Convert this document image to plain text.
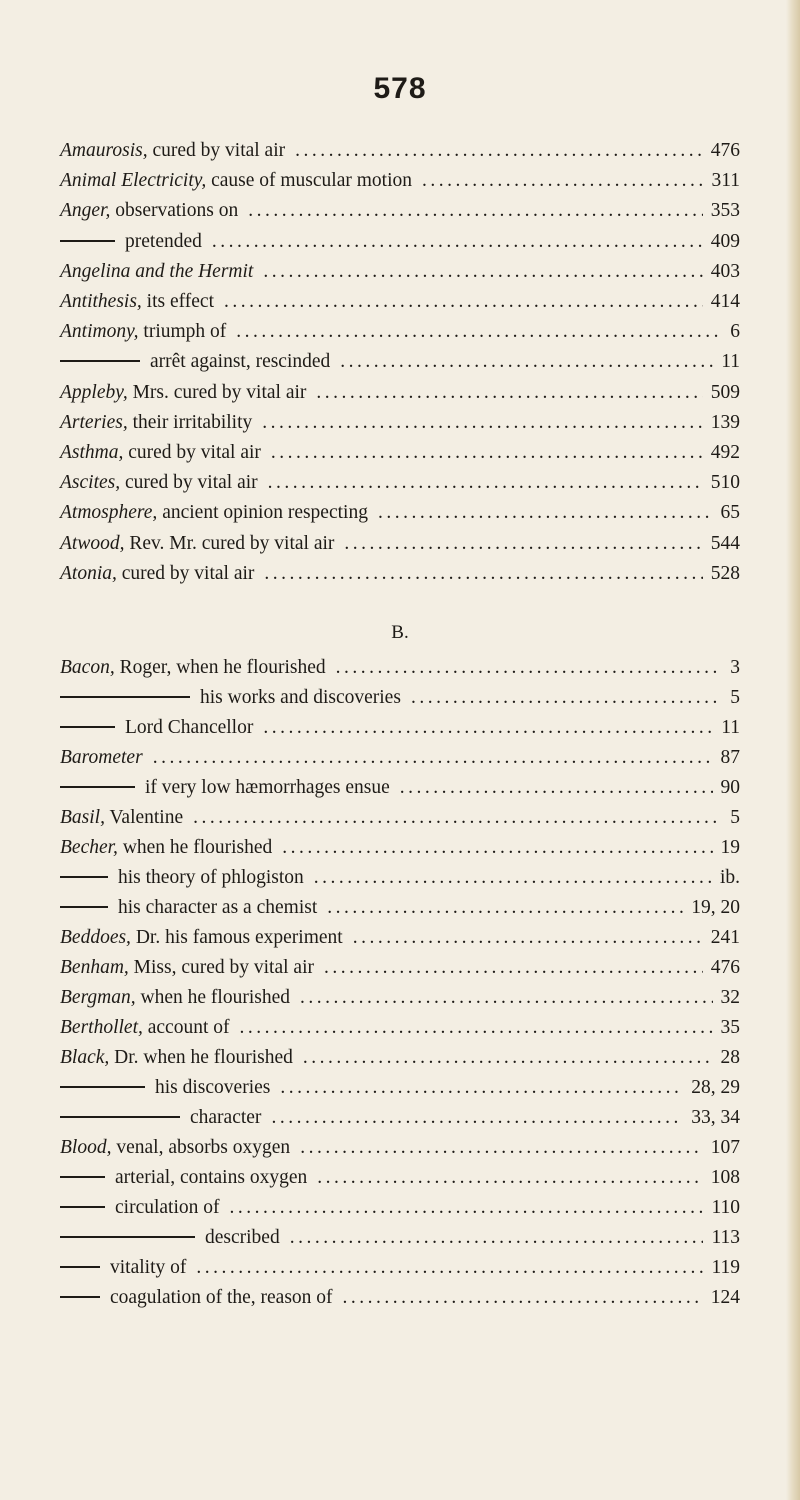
578
Amaurosis, cured by vital air .....	476
Animal Electricity, cause of muscular motion .....	311
Anger, observations on .....	353
pretended .....	409
Angelina and the Hermit .....	403
Antithesis, its effect .....	414
Antimony, triumph of .....	6
arrêt against, rescinded .....	11
Appleby, Mrs. cured by vital air .....	509
Arteries, their irritability .....	139
Asthma, cured by vital air .....	492
Ascites, cured by vital air .....	510
Atmosphere, ancient opinion respecting .....	65
Atwood, Rev. Mr. cured by vital air .....	544
Atonia, cured by vital air .....	528
B.
Bacon, Roger, when he flourished .....	3
his works and discoveries .....	5
Lord Chancellor .....	11
Barometer .....	87
if very low hæmorrhages ensue .....	90
Basil, Valentine .....	5
Becher, when he flourished .....	19
his theory of phlogiston .....	ib.
his character as a chemist .....	19, 20
Beddoes, Dr. his famous experiment .....	241
Benham, Miss, cured by vital air .....	476
Bergman, when he flourished .....	32
Berthollet, account of .....	35
Black, Dr. when he flourished .....	28
his discoveries .....	28, 29
character .....	33, 34
Blood, venal, absorbs oxygen .....	107
arterial, contains oxygen .....	108
circulation of .....	110
described .....	113
vitality of .....	119
coagulation of the, reason of .....	124
